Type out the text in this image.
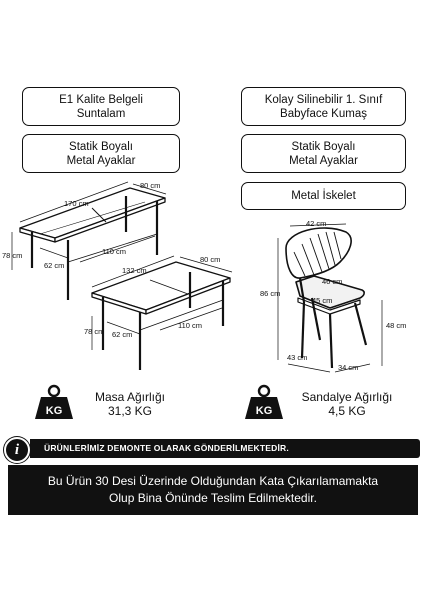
E1 Kalite Belgeli
Suntalam
Kolay Silinebilir 1. Sınıf
Babyface Kumaş
Statik Boyalı
Metal Ayaklar
Statik Boyalı
Metal Ayaklar
Metal İskelet
170 cm
80 cm
78 cm
62 cm
110 cm
132 cm
80 cm
78 cm 62 cm
110 cm
42 cm
46 cm
45 cm
86 cm
48 cm
43 cm
34 cm
KG
Masa Ağırlığı
31,3 KG	KG
Sandalye Ağırlığı
4,5 KG
ÜRÜNLERİMİZ DEMONTE OLARAK GÖNDERİLMEKTEDİR.
i
Bu Ürün 30 Desi Üzerinde Olduğundan Kata Çıkarılamamakta
Olup Bina Önünde Teslim Edilmektedir.
